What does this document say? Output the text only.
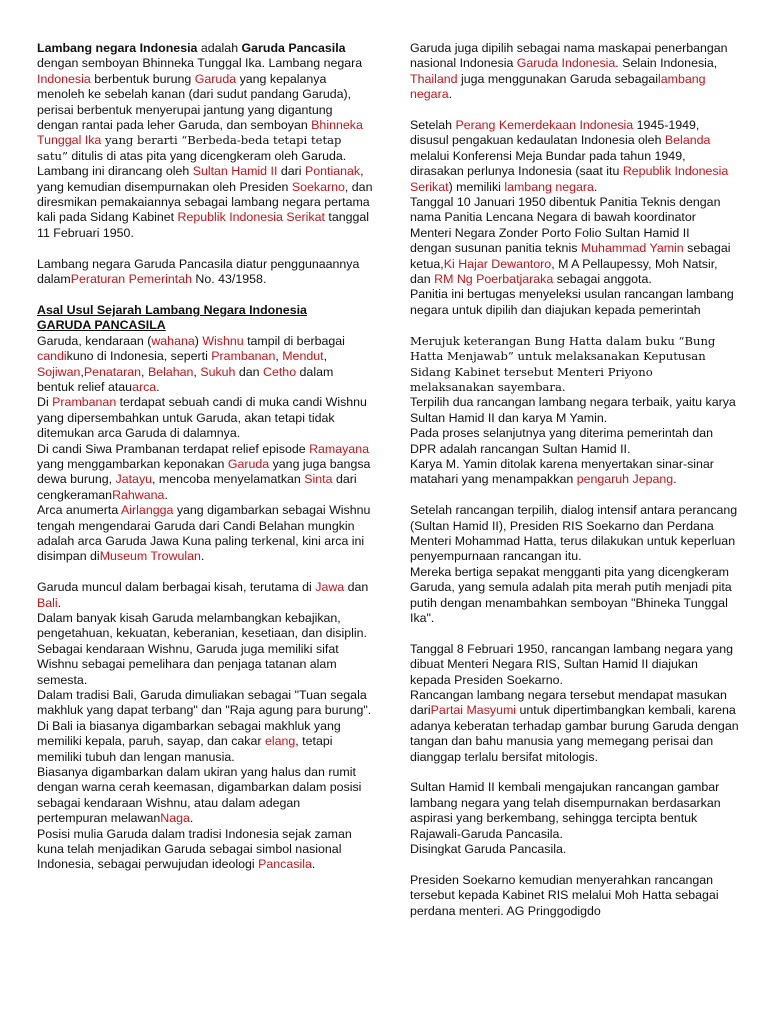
Lambang negara Indonesia adalah Garuda Pancasila dengan semboyan Bhinneka Tunggal Ika. Lambang negara Indonesia berbentuk burung Garuda yang kepalanya menoleh ke sebelah kanan (dari sudut pandang Garuda), perisai berbentuk menyerupai jantung yang digantung dengan rantai pada leher Garuda, dan semboyan Bhinneka Tunggal Ika yang berarti “Berbeda-beda tetapi tetap satu” ditulis di atas pita yang dicengkeram oleh Garuda. Lambang ini dirancang oleh Sultan Hamid II dari Pontianak, yang kemudian disempurnakan oleh Presiden Soekarno, dan diresmikan pemakaiannya sebagai lambang negara pertama kali pada Sidang Kabinet Republik Indonesia Serikat tanggal 11 Februari 1950.

Lambang negara Garuda Pancasila diatur penggunaannya dalamPeraturan Pemerintah No. 43/1958.

Asal Usul Sejarah Lambang Negara Indonesia

GARUDA PANCASILA

Garuda, kendaraan (wahana) Wishnu tampil di berbagai candikuno di Indonesia, seperti Prambanan, Mendut, Sojiwan,Penataran, Belahan, Sukuh dan Cetho dalam bentuk relief atauarca.

Di Prambanan terdapat sebuah candi di muka candi Wishnu yang dipersembahkan untuk Garuda, akan tetapi tidak ditemukan arca Garuda di dalamnya.

Di candi Siwa Prambanan terdapat relief episode Ramayana yang menggambarkan keponakan Garuda yang juga bangsa dewa burung, Jatayu, mencoba menyelamatkan Sinta dari cengkeramanRahwana.

Arca anumerta Airlangga yang digambarkan sebagai Wishnu tengah mengendarai Garuda dari Candi Belahan mungkin adalah arca Garuda Jawa Kuna paling terkenal, kini arca ini disimpan diMuseum Trowulan.

Garuda muncul dalam berbagai kisah, terutama di Jawa dan Bali.

Dalam banyak kisah Garuda melambangkan kebajikan, pengetahuan, kekuatan, keberanian, kesetiaan, dan disiplin.

Sebagai kendaraan Wishnu, Garuda juga memiliki sifat Wishnu sebagai pemelihara dan penjaga tatanan alam semesta.

Dalam tradisi Bali, Garuda dimuliakan sebagai "Tuan segala makhluk yang dapat terbang" dan "Raja agung para burung".

Di Bali ia biasanya digambarkan sebagai makhluk yang memiliki kepala, paruh, sayap, dan cakar elang, tetapi memiliki tubuh dan lengan manusia.

Biasanya digambarkan dalam ukiran yang halus dan rumit dengan warna cerah keemasan, digambarkan dalam posisi sebagai kendaraan Wishnu, atau dalam adegan pertempuran melawanNaga.

Posisi mulia Garuda dalam tradisi Indonesia sejak zaman kuna telah menjadikan Garuda sebagai simbol nasional Indonesia, sebagai perwujudan ideologi Pancasila.

Garuda juga dipilih sebagai nama maskapai penerbangan nasional Indonesia Garuda Indonesia. Selain Indonesia, Thailand juga menggunakan Garuda sebagailambang negara.

Setelah Perang Kemerdekaan Indonesia 1945-1949, disusul pengakuan kedaulatan Indonesia oleh Belanda melalui Konferensi Meja Bundar pada tahun 1949, dirasakan perlunya Indonesia (saat itu Republik Indonesia Serikat) memiliki lambang negara.

Tanggal 10 Januari 1950 dibentuk Panitia Teknis dengan nama Panitia Lencana Negara di bawah koordinator Menteri Negara Zonder Porto Folio Sultan Hamid II

dengan susunan panitia teknis Muhammad Yamin sebagai ketua,Ki Hajar Dewantoro, M A Pellaupessy, Moh Natsir, dan RM Ng Poerbatjaraka sebagai anggota.

Panitia ini bertugas menyeleksi usulan rancangan lambang negara untuk dipilih dan diajukan kepada pemerintah

Merujuk keterangan Bung Hatta dalam buku “Bung Hatta Menjawab” untuk melaksanakan Keputusan Sidang Kabinet tersebut Menteri Priyono melaksanakan sayembara.

Terpilih dua rancangan lambang negara terbaik, yaitu karya Sultan Hamid II dan karya M Yamin.

Pada proses selanjutnya yang diterima pemerintah dan DPR adalah rancangan Sultan Hamid II.

Karya M. Yamin ditolak karena menyertakan sinar-sinar matahari yang menampakkan pengaruh Jepang.

Setelah rancangan terpilih, dialog intensif antara perancang (Sultan Hamid II), Presiden RIS Soekarno dan Perdana Menteri Mohammad Hatta, terus dilakukan untuk keperluan penyempurnaan rancangan itu.

Mereka bertiga sepakat mengganti pita yang dicengkeram Garuda, yang semula adalah pita merah putih menjadi pita putih dengan menambahkan semboyan "Bhineka Tunggal Ika".

Tanggal 8 Februari 1950, rancangan lambang negara yang dibuat Menteri Negara RIS, Sultan Hamid II diajukan kepada Presiden Soekarno.

Rancangan lambang negara tersebut mendapat masukan dariPartai Masyumi untuk dipertimbangkan kembali, karena adanya keberatan terhadap gambar burung Garuda dengan tangan dan bahu manusia yang memegang perisai dan dianggap terlalu bersifat mitologis.

Sultan Hamid II kembali mengajukan rancangan gambar lambang negara yang telah disempurnakan berdasarkan aspirasi yang berkembang, sehingga tercipta bentuk Rajawali-Garuda Pancasila.

Disingkat Garuda Pancasila.

Presiden Soekarno kemudian menyerahkan rancangan tersebut kepada Kabinet RIS melalui Moh Hatta sebagai perdana menteri. AG Pringgodigdo
